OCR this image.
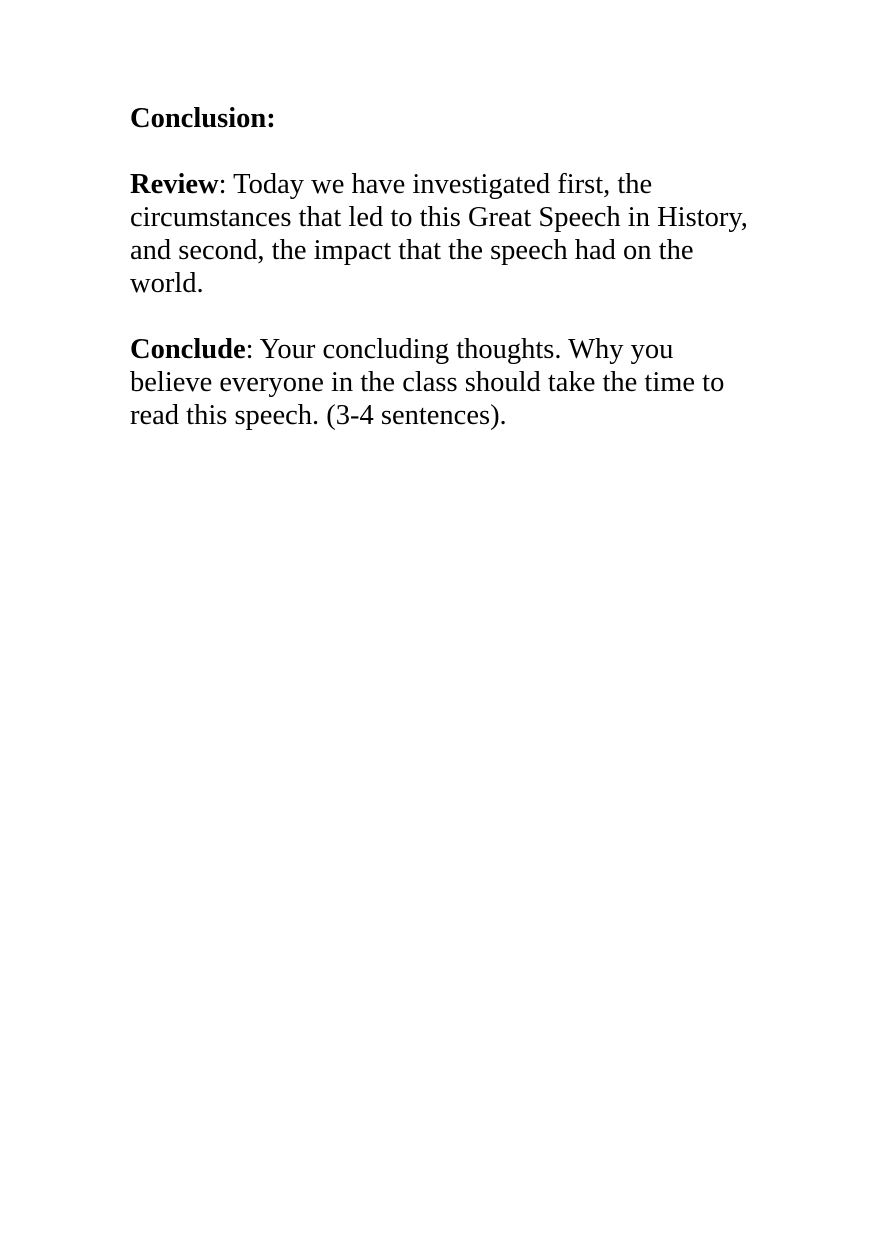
Conclusion:

Review: Today we have investigated first, the circumstances that led to this Great Speech in History, and second, the impact that the speech had on the world.

Conclude: Your concluding thoughts. Why you believe everyone in the class should take the time to read this speech. (3-4 sentences).
